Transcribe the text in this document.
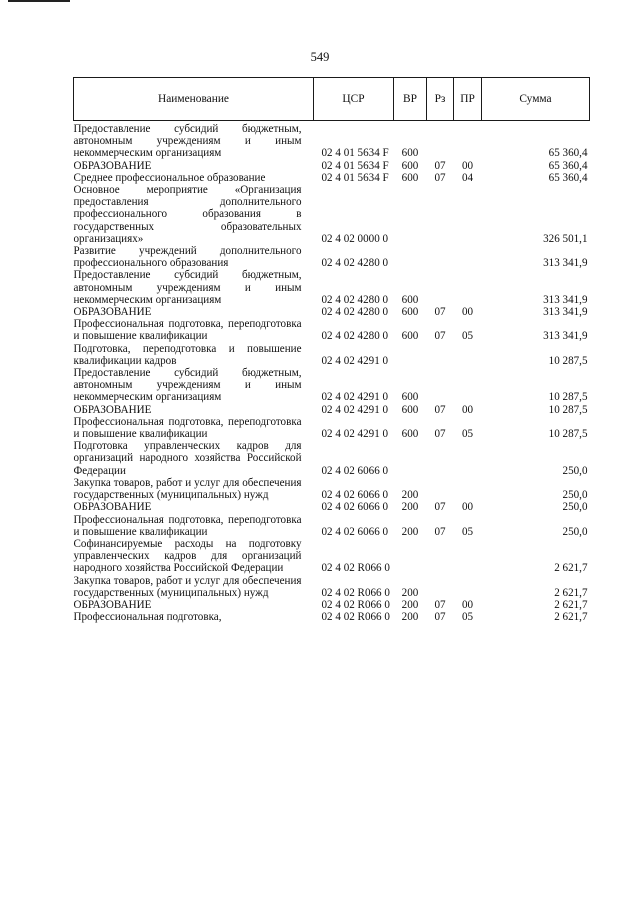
549
Наименование	ЦСР	ВР	Рз	ПР	Сумма
Предоставление субсидий бюджетным, автономным учреждениям и иным некоммерческим организациям	02 4 01 5634 F	600			65 360,4
ОБРАЗОВАНИЕ	02 4 01 5634 F	600	07	00	65 360,4
Среднее профессиональное образование	02 4 01 5634 F	600	07	04	65 360,4
Основное мероприятие «Организация предоставления дополнительного профессионального образования в государственных образовательных организациях»	02 4 02 0000 0				326 501,1
Развитие учреждений дополнительного профессионального образования	02 4 02 4280 0				313 341,9
Предоставление субсидий бюджетным, автономным учреждениям и иным некоммерческим организациям	02 4 02 4280 0	600			313 341,9
ОБРАЗОВАНИЕ	02 4 02 4280 0	600	07	00	313 341,9
Профессиональная подготовка, переподготовка и повышение квалификации	02 4 02 4280 0	600	07	05	313 341,9
Подготовка, переподготовка и повышение квалификации кадров	02 4 02 4291 0				10 287,5
Предоставление субсидий бюджетным, автономным учреждениям и иным некоммерческим организациям	02 4 02 4291 0	600			10 287,5
ОБРАЗОВАНИЕ	02 4 02 4291 0	600	07	00	10 287,5
Профессиональная подготовка, переподготовка и повышение квалификации	02 4 02 4291 0	600	07	05	10 287,5
Подготовка управленческих кадров для организаций народного хозяйства Российской Федерации	02 4 02 6066 0				250,0
Закупка товаров, работ и услуг для обеспечения государственных (муниципальных) нужд	02 4 02 6066 0	200			250,0
ОБРАЗОВАНИЕ	02 4 02 6066 0	200	07	00	250,0
Профессиональная подготовка, переподготовка и повышение квалификации	02 4 02 6066 0	200	07	05	250,0
Софинансируемые расходы на подготовку управленческих кадров для организаций народного хозяйства Российской Федерации	02 4 02 R066 0				2 621,7
Закупка товаров, работ и услуг для обеспечения государственных (муниципальных) нужд	02 4 02 R066 0	200			2 621,7
ОБРАЗОВАНИЕ	02 4 02 R066 0	200	07	00	2 621,7
Профессиональная подготовка,	02 4 02 R066 0	200	07	05	2 621,7
